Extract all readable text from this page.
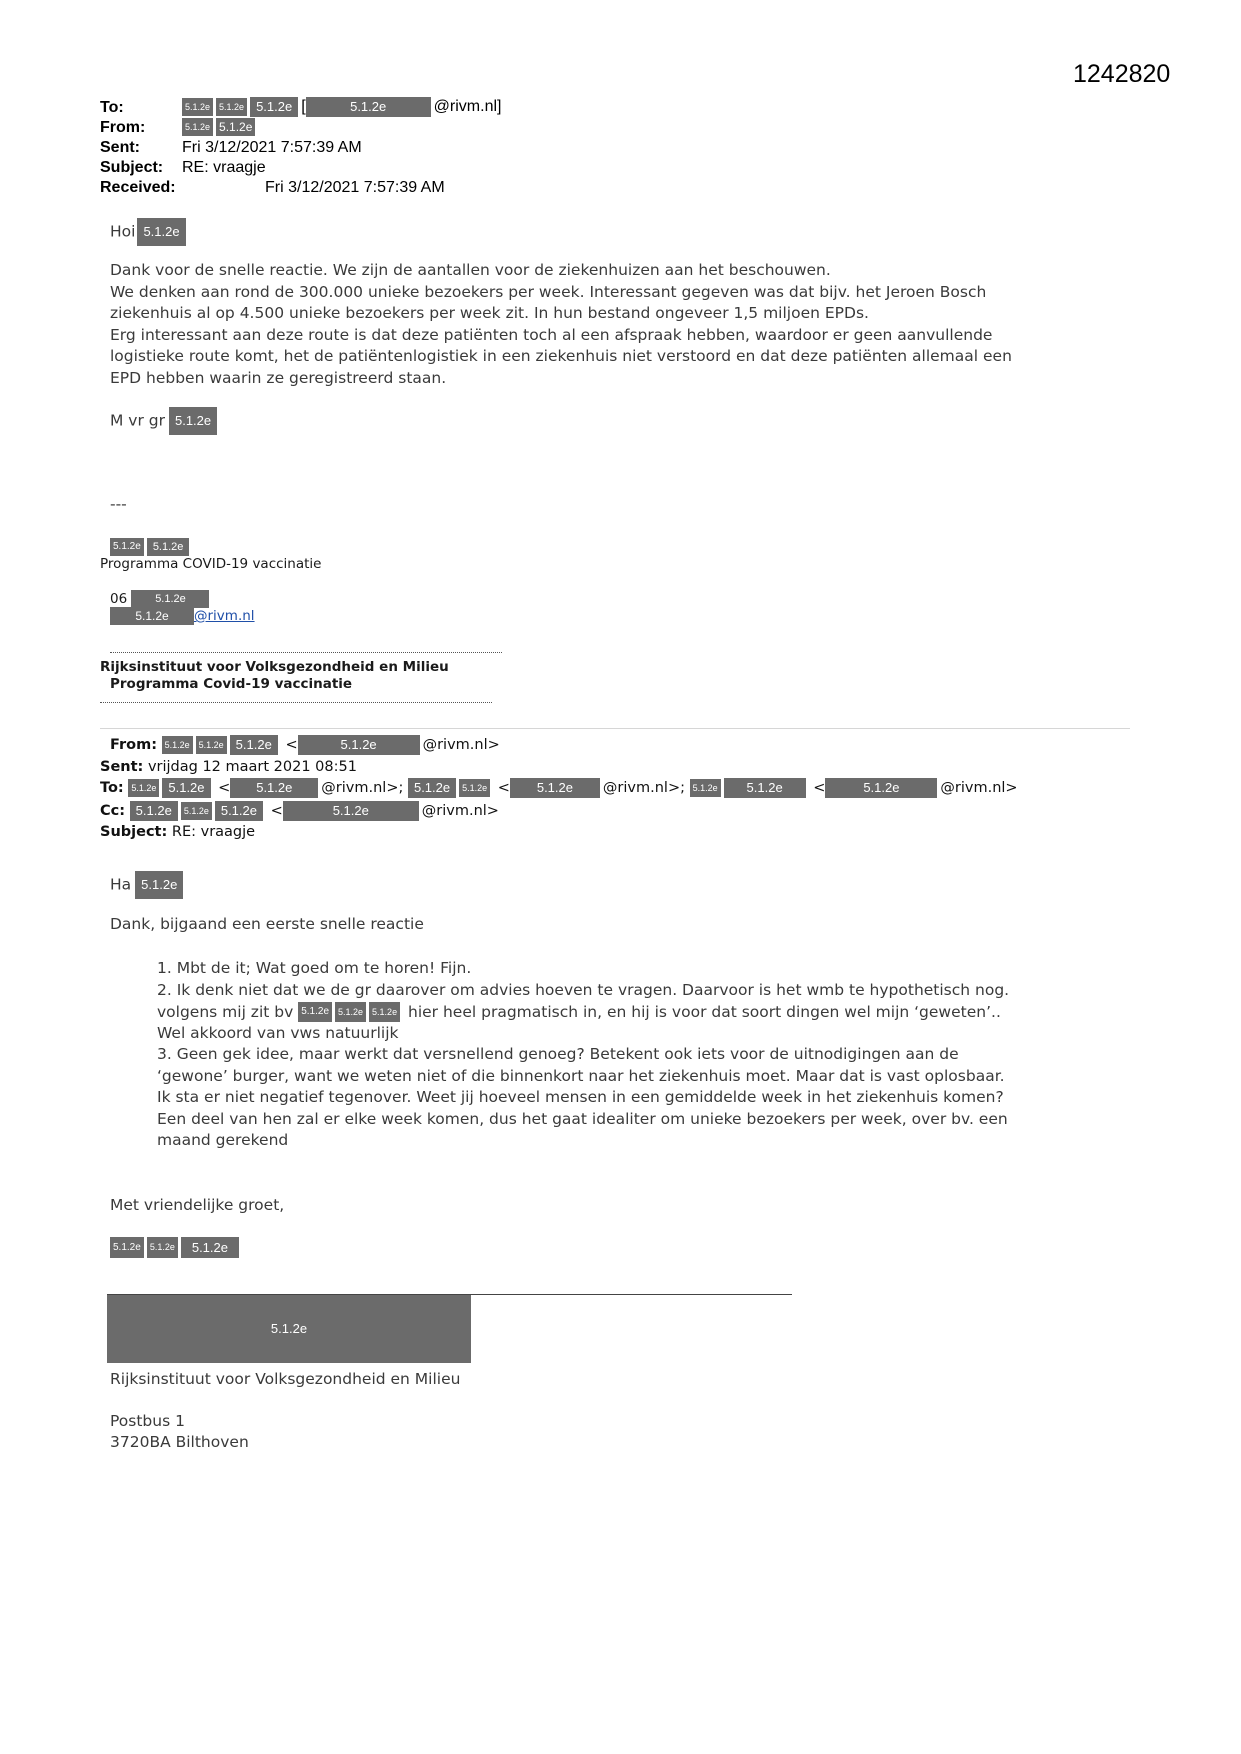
1242820
To:	5.1.2e 5.1.2e 5.1.2e [	5.1.2e	@rivm.nl]
From:	5.1.2e 5.1.2e
Sent:	Fri 3/12/2021 7:57:39 AM
Subject: RE: vraagje
Received:	Fri 3/12/2021 7:57:39 AM
Hoi 5.1.2e
Dank voor de snelle reactie. We zijn de aantallen voor de ziekenhuizen aan het beschouwen.
We denken aan rond de 300.000 unieke bezoekers per week. Interessant gegeven was dat bijv. het Jeroen Bosch
ziekenhuis al op 4.500 unieke bezoekers per week zit. In hun bestand ongeveer 1,5 miljoen EPDs.
Erg interessant aan deze route is dat deze patiënten toch al een afspraak hebben, waardoor er geen aanvullende
logistieke route komt, het de patiëntenlogistiek in een ziekenhuis niet verstoord en dat deze patiënten allemaal een
EPD hebben waarin ze geregistreerd staan.
M vr gr 5.1.2e
---
5.1.2e 5.1.2e
Programma COVID-19 vaccinatie
06	5.1.2e
5.1.2e @rivm.nl
Rijksinstituut voor Volksgezondheid en Milieu
Programma Covid-19 vaccinatie
From: 5.1.2e 5.1.2e 5.1.2e <	5.1.2e	@rivm.nl>
Sent: vrijdag 12 maart 2021 08:51
To: 5.1.2e 5.1.2e < 5.1.2e @rivm.nl>; 5.1.2e 5.1.2e < 5.1.2e @rivm.nl>; 5.1.2e 5.1.2e <	5.1.2e	@rivm.nl>
Cc: 5.1.2e 5.1.2e 5.1.2e <	5.1.2e	@rivm.nl>
Subject: RE: vraagje
Ha 5.1.2e
Dank, bijgaand een eerste snelle reactie
1. Mbt de it; Wat goed om te horen! Fijn.
2. Ik denk niet dat we de gr daarover om advies hoeven te vragen. Daarvoor is het wmb te hypothetisch nog.
volgens mij zit bv 5.1.2e 5.1.2e 5.1.2e hier heel pragmatisch in, en hij is voor dat soort dingen wel mijn ‘geweten’..
Wel akkoord van vws natuurlijk
3. Geen gek idee, maar werkt dat versnellend genoeg? Betekent ook iets voor de uitnodigingen aan de
‘gewone’ burger, want we weten niet of die binnenkort naar het ziekenhuis moet. Maar dat is vast oplosbaar.
Ik sta er niet negatief tegenover. Weet jij hoeveel mensen in een gemiddelde week in het ziekenhuis komen?
Een deel van hen zal er elke week komen, dus het gaat idealiter om unieke bezoekers per week, over bv. een
maand gerekend
Met vriendelijke groet,
5.1.2e 5.1.2e 5.1.2e
5.1.2e
Rijksinstituut voor Volksgezondheid en Milieu
Postbus 1
3720BA Bilthoven
